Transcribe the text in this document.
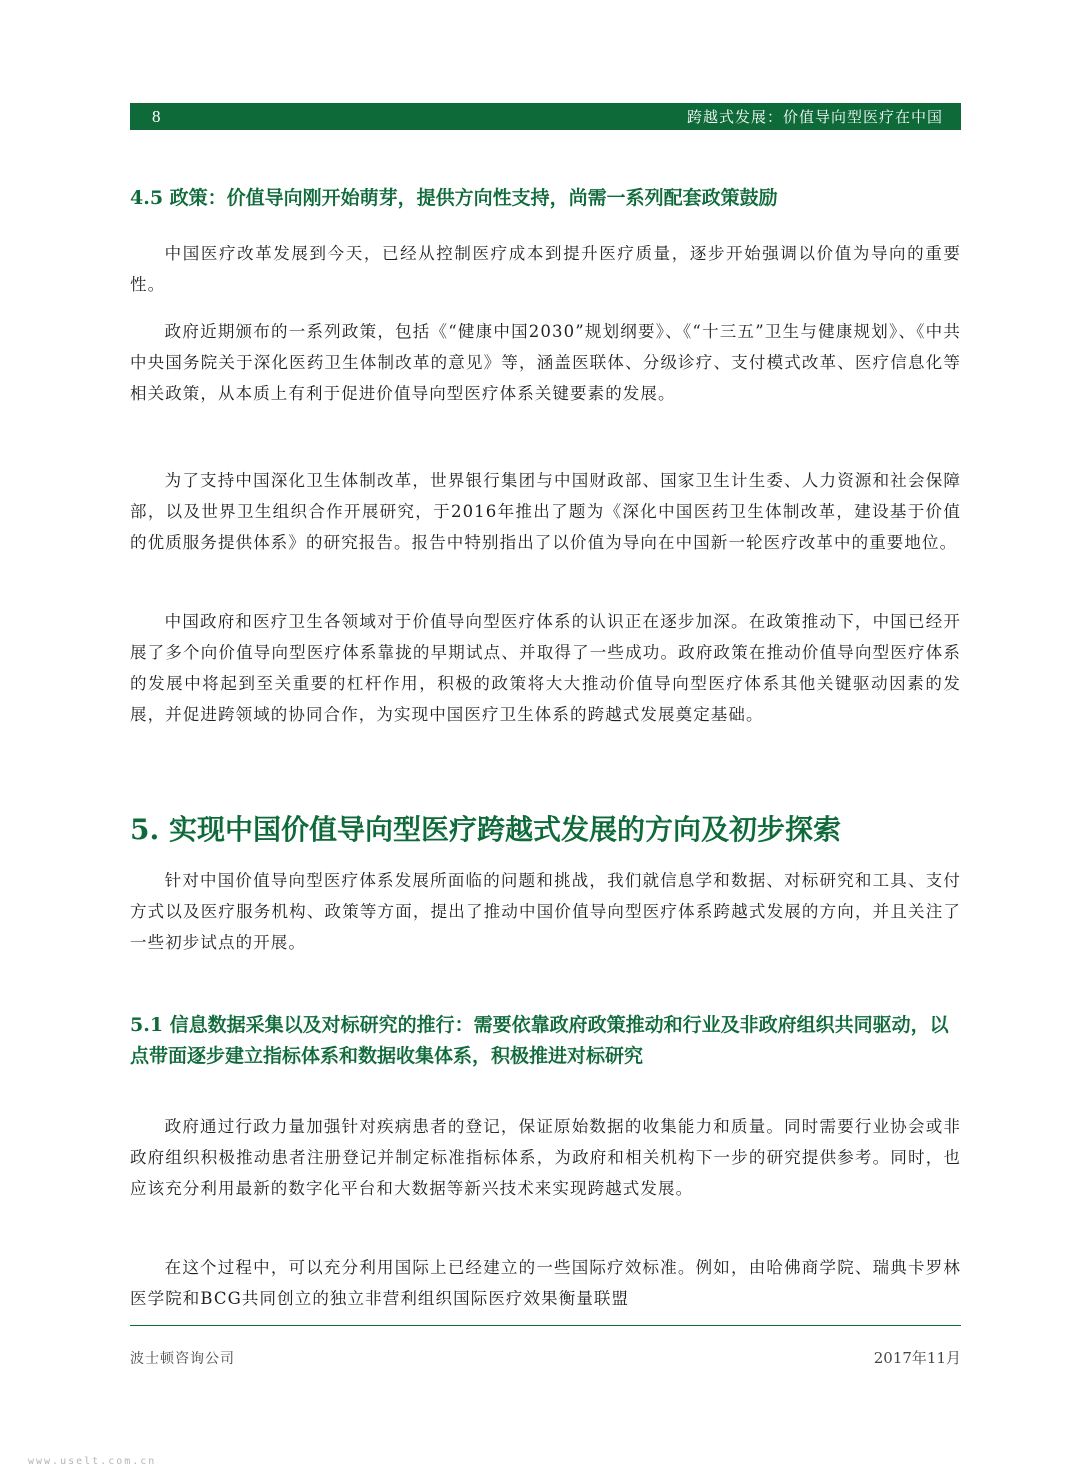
8	跨越式发展：价值导向型医疗在中国
4.5 政策：价值导向刚开始萌芽，提供方向性支持，尚需一系列配套政策鼓励

中国医疗改革发展到今天，已经从控制医疗成本到提升医疗质量，逐步开始强调以价值为导向的重要性。

政府近期颁布的一系列政策，包括《“健康中国2030”规划纲要》、《“十三五”卫生与健康规划》、《中共中央国务院关于深化医药卫生体制改革的意见》等，涵盖医联体、分级诊疗、支付模式改革、医疗信息化等相关政策，从本质上有利于促进价值导向型医疗体系关键要素的发展。

为了支持中国深化卫生体制改革，世界银行集团与中国财政部、国家卫生计生委、人力资源和社会保障部，以及世界卫生组织合作开展研究，于2016年推出了题为《深化中国医药卫生体制改革，建设基于价值的优质服务提供体系》的研究报告。报告中特别指出了以价值为导向在中国新一轮医疗改革中的重要地位。

中国政府和医疗卫生各领域对于价值导向型医疗体系的认识正在逐步加深。在政策推动下，中国已经开展了多个向价值导向型医疗体系靠拢的早期试点、并取得了一些成功。政府政策在推动价值导向型医疗体系的发展中将起到至关重要的杠杆作用，积极的政策将大大推动价值导向型医疗体系其他关键驱动因素的发展，并促进跨领域的协同合作，为实现中国医疗卫生体系的跨越式发展奠定基础。

5. 实现中国价值导向型医疗跨越式发展的方向及初步探索

针对中国价值导向型医疗体系发展所面临的问题和挑战，我们就信息学和数据、对标研究和工具、支付方式以及医疗服务机构、政策等方面，提出了推动中国价值导向型医疗体系跨越式发展的方向，并且关注了一些初步试点的开展。

5.1 信息数据采集以及对标研究的推行：需要依靠政府政策推动和行业及非政府组织共同驱动，以点带面逐步建立指标体系和数据收集体系，积极推进对标研究

政府通过行政力量加强针对疾病患者的登记，保证原始数据的收集能力和质量。同时需要行业协会或非政府组织积极推动患者注册登记并制定标准指标体系，为政府和相关机构下一步的研究提供参考。同时，也应该充分利用最新的数字化平台和大数据等新兴技术来实现跨越式发展。

在这个过程中，可以充分利用国际上已经建立的一些国际疗效标准。例如，由哈佛商学院、瑞典卡罗林医学院和BCG共同创立的独立非营利组织国际医疗效果衡量联盟

波士顿咨询公司	2017年11月
www.uselt.com.cn
